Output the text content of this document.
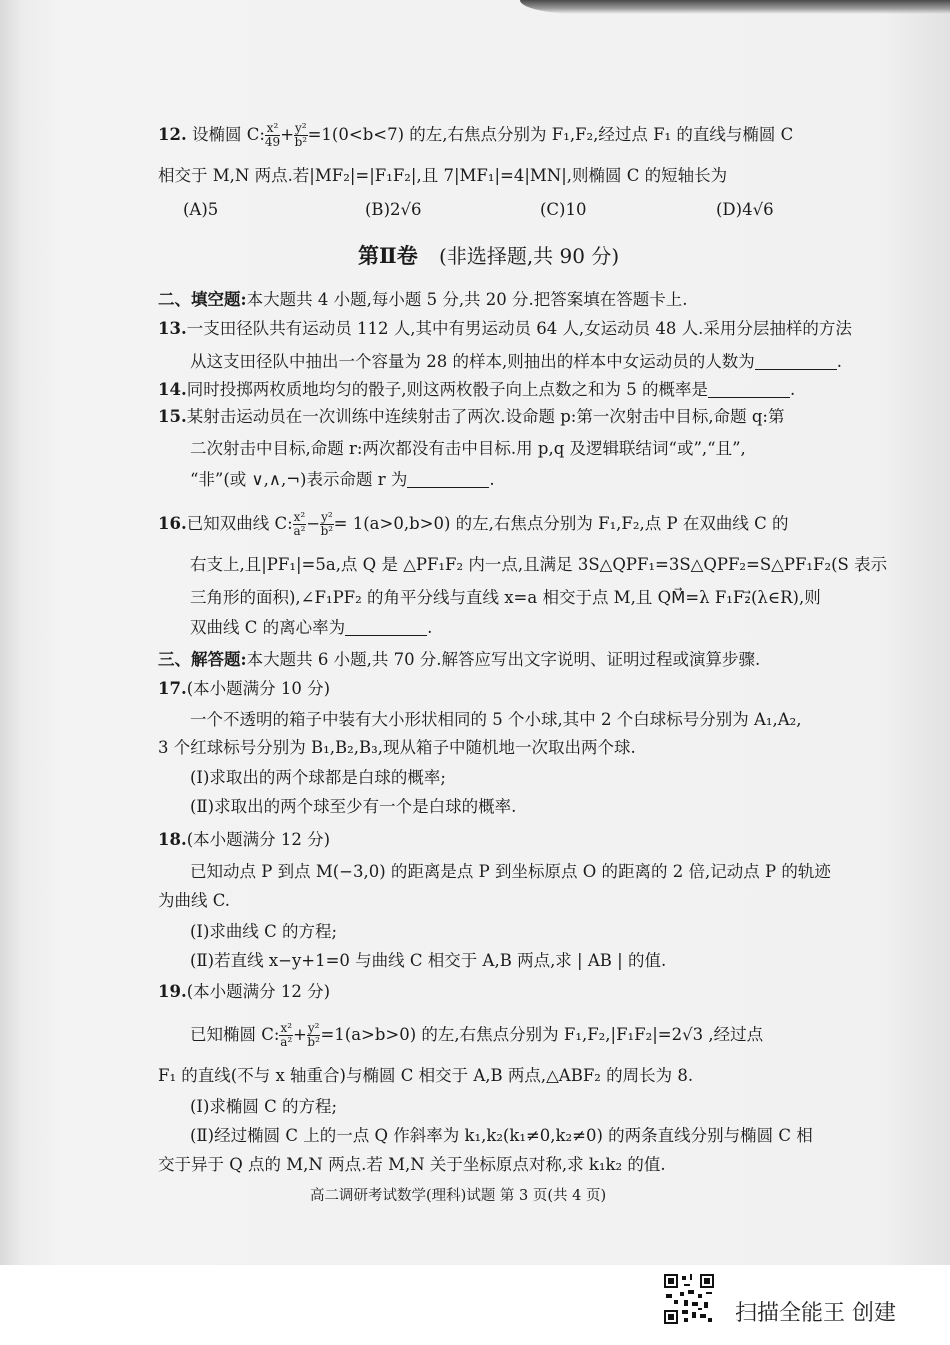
12. 设椭圆 C: $\frac{\text{x²}}{49} + \frac{\text{y²}}{\text{b²}} =1(0<b<7)$ 的左,右焦点分别为 F₁,F₂,经过点 F₁ 的直线与椭圆 C
相交于 M,N 两点.若|MF₂|=|F₁F₂|,且 7|MF₁|=4|MN|,则椭圆 C 的短轴长为
(A)5	(B)2√6	(C)10	(D)4√6
第Ⅱ卷 (非选择题,共 90 分)
二、填空题:本大题共 4 小题,每小题 5 分,共 20 分.把答案填在答题卡上.
13.一支田径队共有运动员 112 人,其中有男运动员 64 人,女运动员 48 人.采用分层抽样的方法
从这支田径队中抽出一个容量为 28 的样本,则抽出的样本中女运动员的人数为	.
14.同时投掷两枚质地均匀的骰子,则这两枚骰子向上点数之和为 5 的概率是	.
15.某射击运动员在一次训练中连续射击了两次.设命题 p:第一次射击中目标,命题 q:第
二次射击中目标,命题 r:两次都没有击中目标.用 p,q 及逻辑联结词“或”,“且”,
“非”(或 ∨,∧,¬)表示命题 r 为	.
16.已知双曲线 C: $\frac{\text{x²}}{\text{a²}} - \frac{\text{y²}}{\text{b²}} = 1(a>0,b>0)$ 的左,右焦点分别为 F₁,F₂,点 P 在双曲线 C 的
右支上,且|PF₁|=5a,点 Q 是 △PF₁F₂ 内一点,且满足 3S△QPF₁=3S△QPF₂=S△PF₁F₂(S 表示
三角形的面积),∠F₁PF₂ 的角平分线与直线 x=a 相交于点 M,且 QM⃗=λ F₁F₂⃗(λ∈R),则
双曲线 C 的离心率为	.
三、解答题:本大题共 6 小题,共 70 分.解答应写出文字说明、证明过程或演算步骤.
17.(本小题满分 10 分)
一个不透明的箱子中装有大小形状相同的 5 个小球,其中 2 个白球标号分别为 A₁,A₂,
3 个红球标号分别为 B₁,B₂,B₃,现从箱子中随机地一次取出两个球.
(Ⅰ)求取出的两个球都是白球的概率;
(Ⅱ)求取出的两个球至少有一个是白球的概率.
18.(本小题满分 12 分)
已知动点 P 到点 M(−3,0) 的距离是点 P 到坐标原点 O 的距离的 2 倍,记动点 P 的轨迹
为曲线 C.
(Ⅰ)求曲线 C 的方程;
(Ⅱ)若直线 x−y+1=0 与曲线 C 相交于 A,B 两点,求 | AB | 的值.
19.(本小题满分 12 分)
已知椭圆 C: $\frac{\text{x²}}{\text{a²}} + \frac{\text{y²}}{\text{b²}} =1(a>b>0)$ 的左,右焦点分别为 F₁,F₂,|F₁F₂|=2√3 ,经过点
F₁ 的直线(不与 x 轴重合)与椭圆 C 相交于 A,B 两点,△ABF₂ 的周长为 8.
(Ⅰ)求椭圆 C 的方程;
(Ⅱ)经过椭圆 C 上的一点 Q 作斜率为 k₁,k₂(k₁≠0,k₂≠0) 的两条直线分别与椭圆 C 相
交于异于 Q 点的 M,N 两点.若 M,N 关于坐标原点对称,求 k₁k₂ 的值.
高二调研考试数学(理科)试题 第 3 页(共 4 页)
扫描全能王 创建
